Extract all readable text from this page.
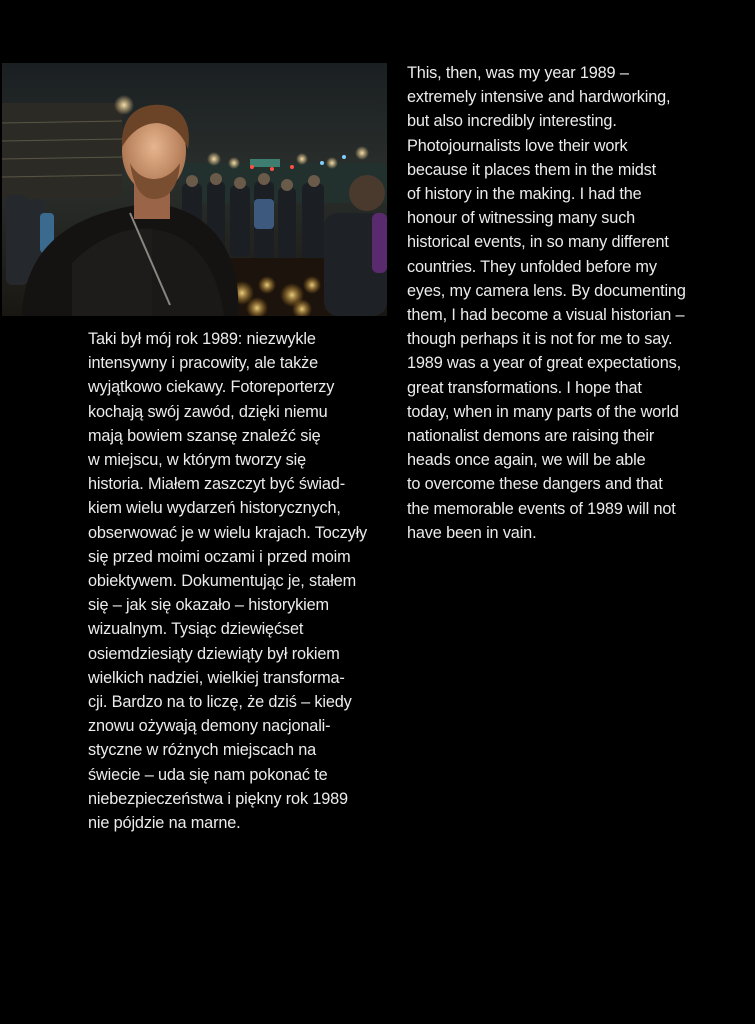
Taki był mój rok 1989: niezwykle
intensywny i pracowity, ale także
wyjątkowo ciekawy. Fotoreporterzy
kochają swój zawód, dzięki niemu
mają bowiem szansę znaleźć się
w miejscu, w którym tworzy się
historia. Miałem zaszczyt być świad-
kiem wielu wydarzeń historycznych,
obserwować je w wielu krajach. Toczyły
się przed moimi oczami i przed moim
obiektywem. Dokumentując je, stałem
się – jak się okazało – historykiem
wizualnym. Tysiąc dziewięćset
osiemdziesiąty dziewiąty był rokiem
wielkich nadziei, wielkiej transforma-
cji. Bardzo na to liczę, że dziś – kiedy
znowu ożywają demony nacjonali-
styczne w różnych miejscach na
świecie – uda się nam pokonać te
niebezpieczeństwa i piękny rok 1989
nie pójdzie na marne.

This, then, was my year 1989 –
extremely intensive and hardworking,
but also incredibly interesting.
Photojournalists love their work
because it places them in the midst
of history in the making. I had the
honour of witnessing many such
historical events, in so many different
countries. They unfolded before my
eyes, my camera lens. By documenting
them, I had become a visual historian –
though perhaps it is not for me to say.
1989 was a year of great expectations,
great transformations. I hope that
today, when in many parts of the world
nationalist demons are raising their
heads once again, we will be able
to overcome these dangers and that
the memorable events of 1989 will not
have been in vain.
